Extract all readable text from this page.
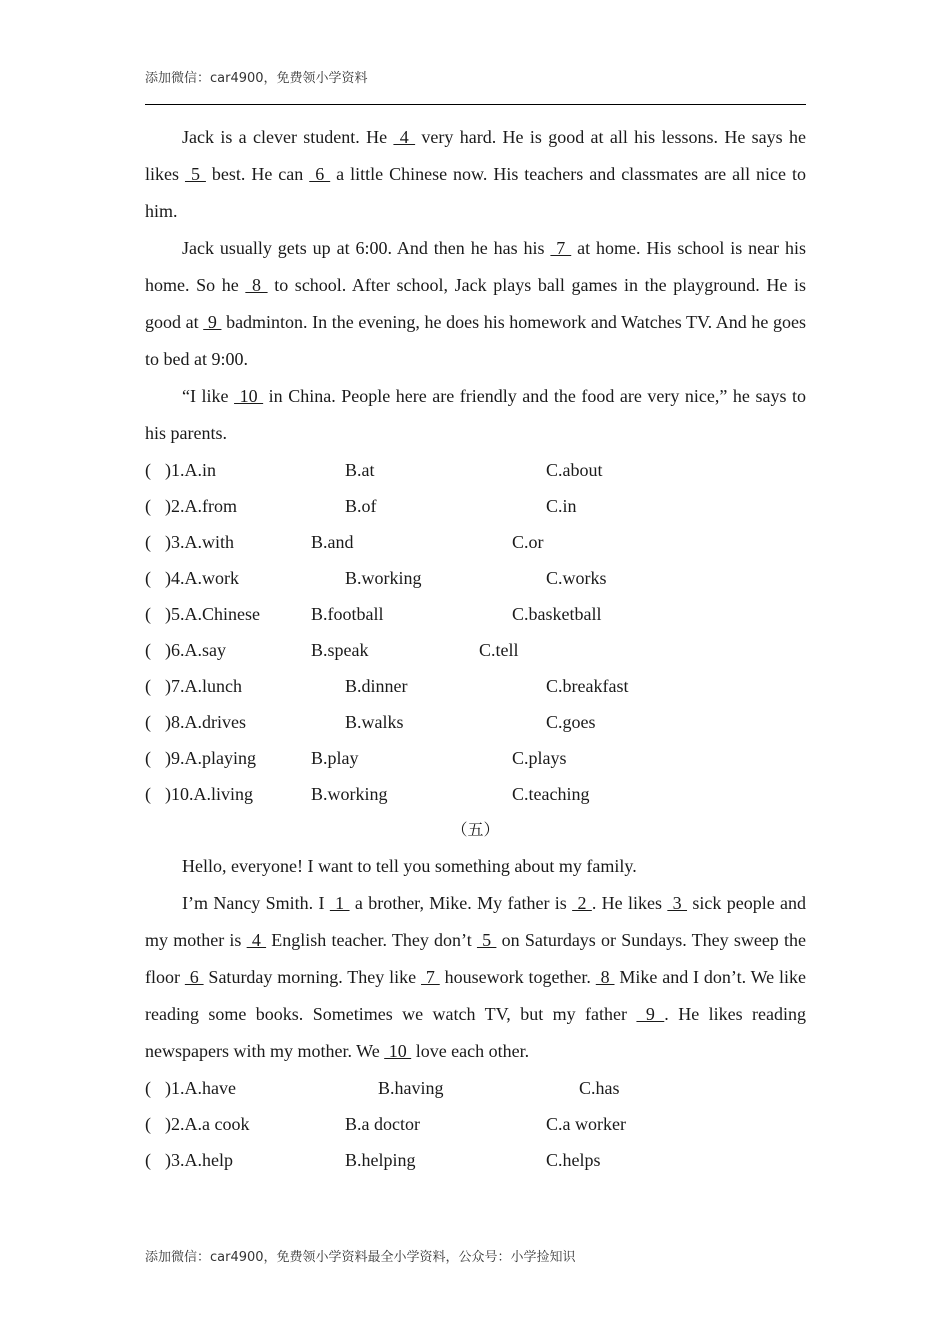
添加微信：car4900，免费领小学资料

Jack is a clever student. He  4  very hard. He is good at all his lessons. He says he likes  5  best. He can  6  a little Chinese now. His teachers and classmates are all nice to him.

Jack usually gets up at 6:00. And then he has his  7  at home. His school is near his home. So he  8  to school. After school, Jack plays ball games in the playground. He is good at  9  badminton. In the evening, he does his homework and Watches TV. And he goes to bed at 9:00.

“I like  10  in China. People here are friendly and the food are very nice,” he says to his parents.

( )1.A.in	B.at	C.about
( )2.A.from	B.of	C.in
( )3.A.with	B.and	C.or
( )4.A.work	B.working	C.works
( )5.A.Chinese	B.football	C.basketball
( )6.A.say	B.speak	C.tell
( )7.A.lunch	B.dinner	C.breakfast
( )8.A.drives	B.walks	C.goes
( )9.A.playing	B.play	C.plays
( )10.A.living	B.working	C.teaching
（五）

Hello, everyone! I want to tell you something about my family.

I’m Nancy Smith. I  1  a brother, Mike. My father is  2 . He likes  3  sick people and my mother is  4  English teacher. They don’t  5  on Saturdays or Sundays. They sweep the floor  6  Saturday morning. They like  7  housework together.  8  Mike and I don’t. We like reading some books. Sometimes we watch TV, but my father  9 . He likes reading newspapers with my mother. We  10  love each other.

( )1.A.have	B.having	C.has
( )2.A.a cook	B.a doctor	C.a worker
( )3.A.help	B.helping	C.helps
添加微信：car4900，免费领小学资料最全小学资料，公众号：小学捡知识
